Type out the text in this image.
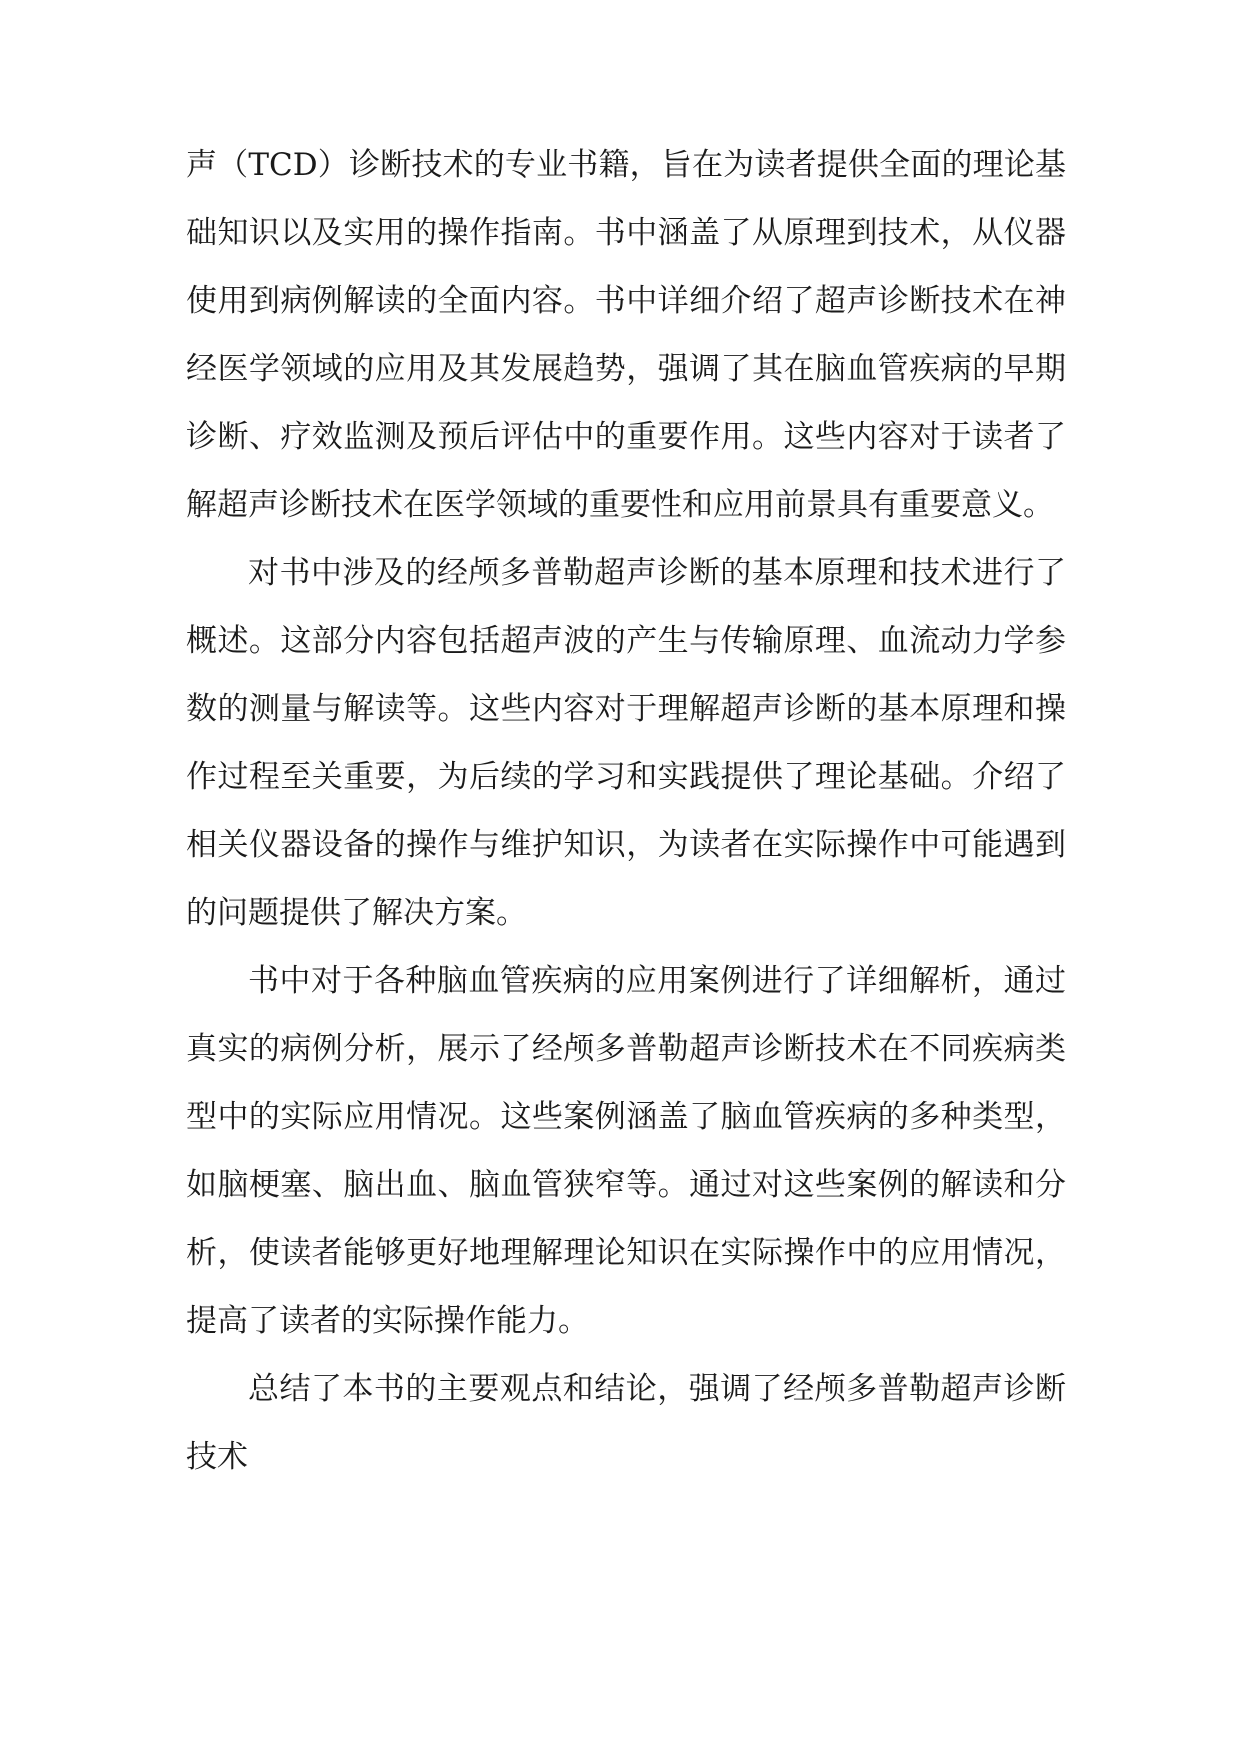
声（TCD）诊断技术的专业书籍，旨在为读者提供全面的理论基础知识以及实用的操作指南。书中涵盖了从原理到技术，从仪器使用到病例解读的全面内容。书中详细介绍了超声诊断技术在神经医学领域的应用及其发展趋势，强调了其在脑血管疾病的早期诊断、疗效监测及预后评估中的重要作用。这些内容对于读者了解超声诊断技术在医学领域的重要性和应用前景具有重要意义。

对书中涉及的经颅多普勒超声诊断的基本原理和技术进行了概述。这部分内容包括超声波的产生与传输原理、血流动力学参数的测量与解读等。这些内容对于理解超声诊断的基本原理和操作过程至关重要，为后续的学习和实践提供了理论基础。介绍了相关仪器设备的操作与维护知识，为读者在实际操作中可能遇到的问题提供了解决方案。

书中对于各种脑血管疾病的应用案例进行了详细解析，通过真实的病例分析，展示了经颅多普勒超声诊断技术在不同疾病类型中的实际应用情况。这些案例涵盖了脑血管疾病的多种类型，如脑梗塞、脑出血、脑血管狭窄等。通过对这些案例的解读和分析，使读者能够更好地理解理论知识在实际操作中的应用情况，提高了读者的实际操作能力。

总结了本书的主要观点和结论，强调了经颅多普勒超声诊断技术
